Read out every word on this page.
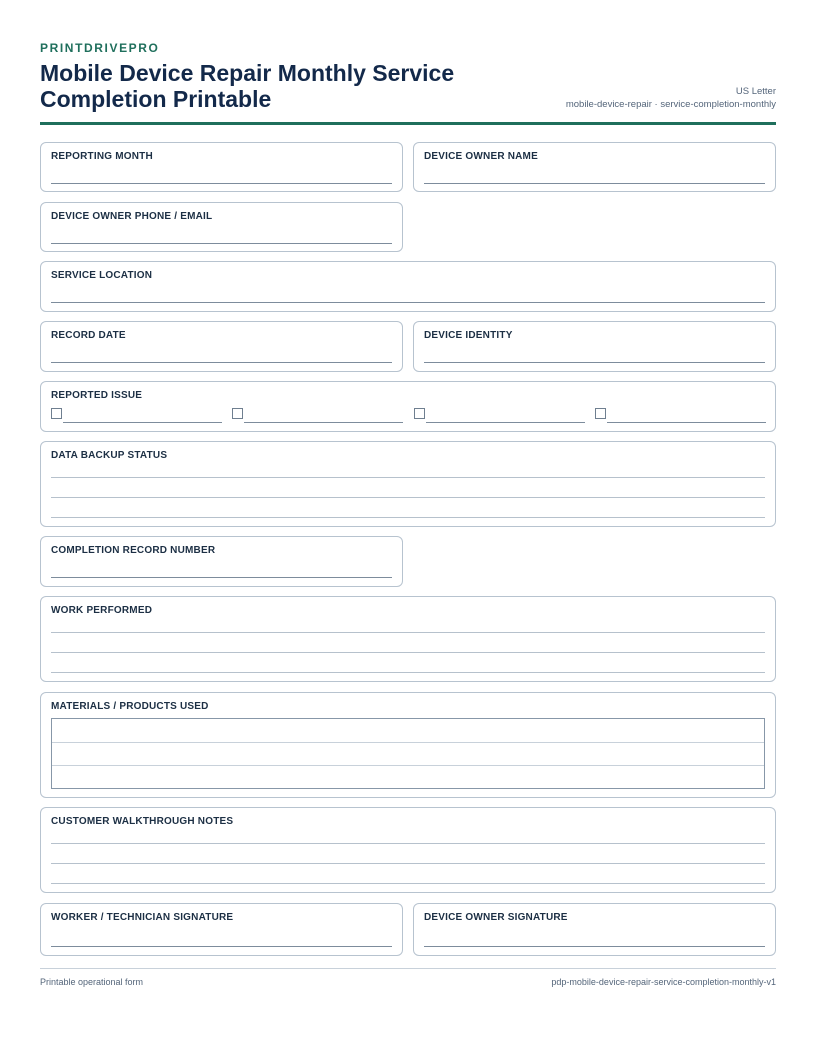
PRINTDRIVEPRO
Mobile Device Repair Monthly Service Completion Printable	US Letter
mobile-device-repair · service-completion-monthly
REPORTING MONTH	DEVICE OWNER NAME
DEVICE OWNER PHONE / EMAIL
SERVICE LOCATION
RECORD DATE	DEVICE IDENTITY
REPORTED ISSUE
DATA BACKUP STATUS
COMPLETION RECORD NUMBER
WORK PERFORMED
MATERIALS / PRODUCTS USED
CUSTOMER WALKTHROUGH NOTES
WORKER / TECHNICIAN SIGNATURE	DEVICE OWNER SIGNATURE
Printable operational form	pdp-mobile-device-repair-service-completion-monthly-v1
